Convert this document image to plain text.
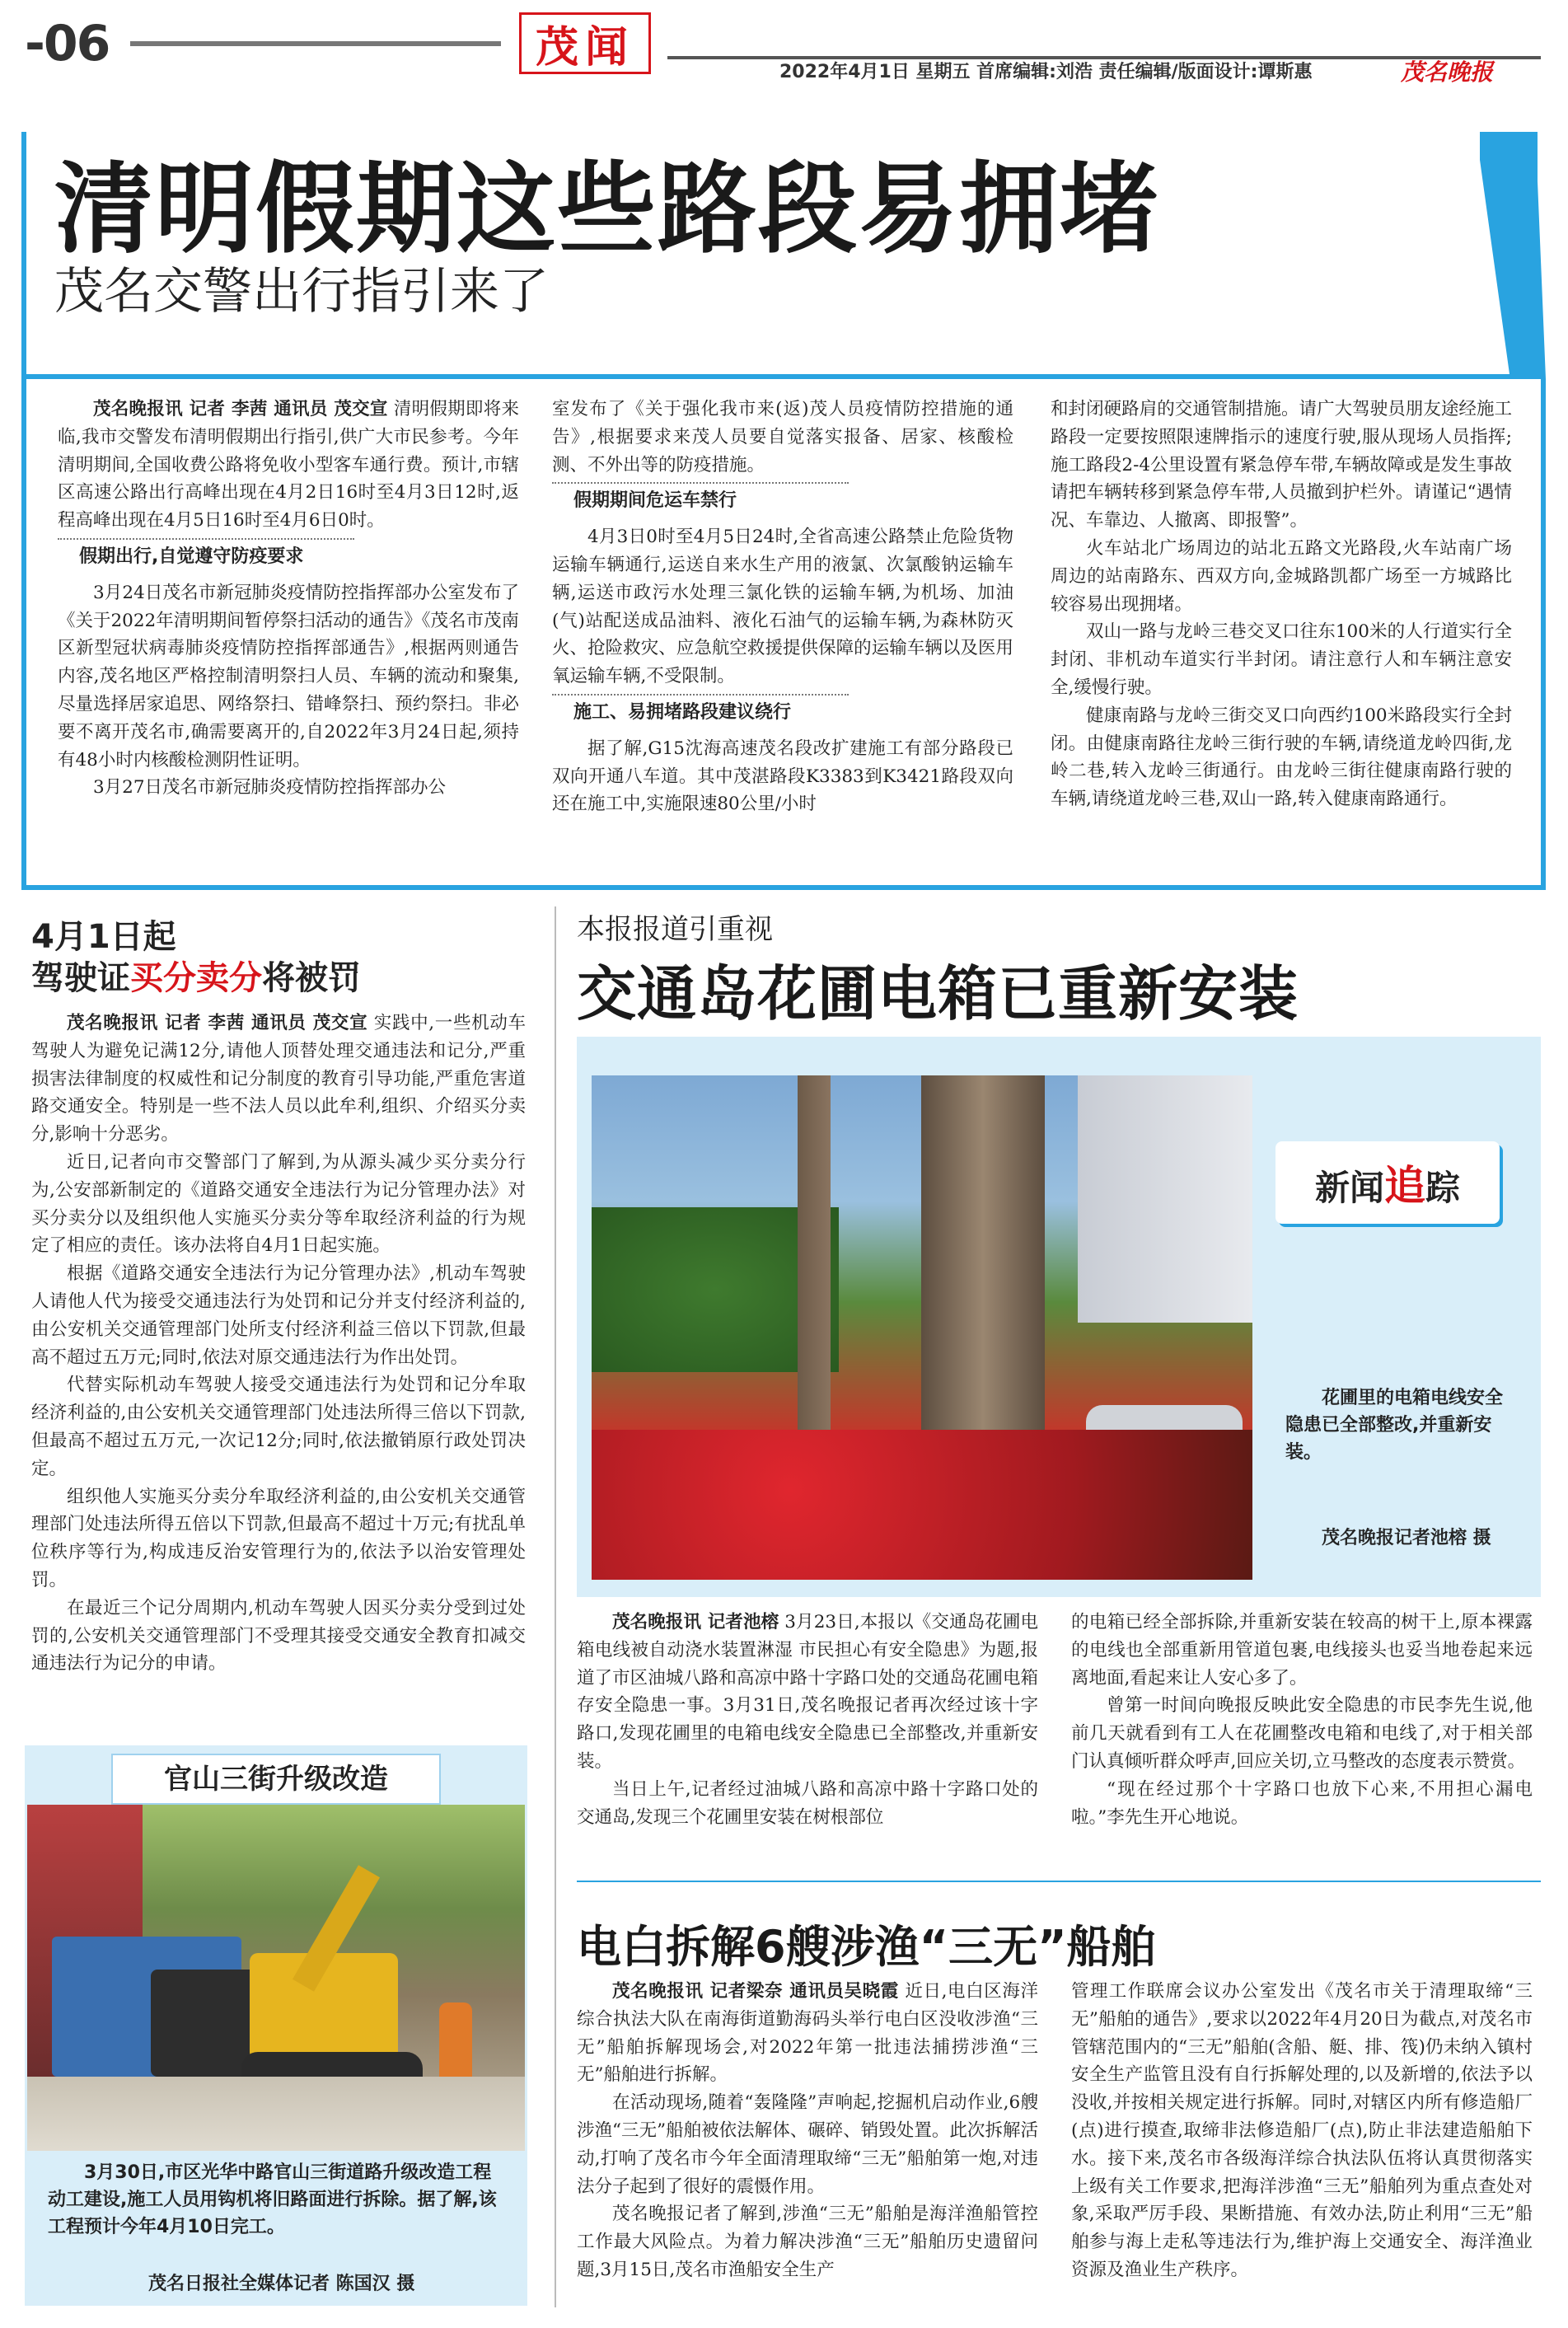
-06	茂闻	2022年4月1日 星期五 首席编辑:刘浩 责任编辑/版面设计:谭斯惠	茂名晚报
清明假期这些路段易拥堵
茂名交警出行指引来了

茂名晚报讯 记者 李茜 通讯员 茂交宣 清明假期即将来临,我市交警发布清明假期出行指引,供广大市民参考。今年清明期间,全国收费公路将免收小型客车通行费。预计,市辖区高速公路出行高峰出现在4月2日16时至4月3日12时,返程高峰出现在4月5日16时至4月6日0时。

假期出行,自觉遵守防疫要求

3月24日茂名市新冠肺炎疫情防控指挥部办公室发布了《关于2022年清明期间暂停祭扫活动的通告》《茂名市茂南区新型冠状病毒肺炎疫情防控指挥部通告》,根据两则通告内容,茂名地区严格控制清明祭扫人员、车辆的流动和聚集,尽量选择居家追思、网络祭扫、错峰祭扫、预约祭扫。非必要不离开茂名市,确需要离开的,自2022年3月24日起,须持有48小时内核酸检测阴性证明。

3月27日茂名市新冠肺炎疫情防控指挥部办公

室发布了《关于强化我市来(返)茂人员疫情防控措施的通告》,根据要求来茂人员要自觉落实报备、居家、核酸检测、不外出等的防疫措施。

假期期间危运车禁行

4月3日0时至4月5日24时,全省高速公路禁止危险货物运输车辆通行,运送自来水生产用的液氯、次氯酸钠运输车辆,运送市政污水处理三氯化铁的运输车辆,为机场、加油(气)站配送成品油料、液化石油气的运输车辆,为森林防灭火、抢险救灾、应急航空救援提供保障的运输车辆以及医用氧运输车辆,不受限制。

施工、易拥堵路段建议绕行

据了解,G15沈海高速茂名段改扩建施工有部分路段已双向开通八车道。其中茂湛路段K3383到K3421路段双向还在施工中,实施限速80公里/小时

和封闭硬路肩的交通管制措施。请广大驾驶员朋友途经施工路段一定要按照限速牌指示的速度行驶,服从现场人员指挥;施工路段2-4公里设置有紧急停车带,车辆故障或是发生事故请把车辆转移到紧急停车带,人员撤到护栏外。请谨记“遇情况、车靠边、人撤离、即报警”。

火车站北广场周边的站北五路文光路段,火车站南广场周边的站南路东、西双方向,金城路凯都广场至一方城路比较容易出现拥堵。

双山一路与龙岭三巷交叉口往东100米的人行道实行全封闭、非机动车道实行半封闭。请注意行人和车辆注意安全,缓慢行驶。

健康南路与龙岭三街交叉口向西约100米路段实行全封闭。由健康南路往龙岭三街行驶的车辆,请绕道龙岭四街,龙岭二巷,转入龙岭三街通行。由龙岭三街往健康南路行驶的车辆,请绕道龙岭三巷,双山一路,转入健康南路通行。

4月1日起
驾驶证买分卖分将被罚

茂名晚报讯 记者 李茜 通讯员 茂交宣 实践中,一些机动车驾驶人为避免记满12分,请他人顶替处理交通违法和记分,严重损害法律制度的权威性和记分制度的教育引导功能,严重危害道路交通安全。特别是一些不法人员以此牟利,组织、介绍买分卖分,影响十分恶劣。

近日,记者向市交警部门了解到,为从源头减少买分卖分行为,公安部新制定的《道路交通安全违法行为记分管理办法》对买分卖分以及组织他人实施买分卖分等牟取经济利益的行为规定了相应的责任。该办法将自4月1日起实施。

根据《道路交通安全违法行为记分管理办法》,机动车驾驶人请他人代为接受交通违法行为处罚和记分并支付经济利益的,由公安机关交通管理部门处所支付经济利益三倍以下罚款,但最高不超过五万元;同时,依法对原交通违法行为作出处罚。

代替实际机动车驾驶人接受交通违法行为处罚和记分牟取经济利益的,由公安机关交通管理部门处违法所得三倍以下罚款,但最高不超过五万元,一次记12分;同时,依法撤销原行政处罚决定。

组织他人实施买分卖分牟取经济利益的,由公安机关交通管理部门处违法所得五倍以下罚款,但最高不超过十万元;有扰乱单位秩序等行为,构成违反治安管理行为的,依法予以治安管理处罚。

在最近三个记分周期内,机动车驾驶人因买分卖分受到过处罚的,公安机关交通管理部门不受理其接受交通安全教育扣减交通违法行为记分的申请。

官山三街升级改造
3月30日,市区光华中路官山三街道路升级改造工程动工建设,施工人员用钩机将旧路面进行拆除。据了解,该工程预计今年4月10日完工。
茂名日报社全媒体记者 陈国汉 摄
本报报道引重视
交通岛花圃电箱已重新安装
新闻追踪
花圃里的电箱电线安全隐患已全部整改,并重新安装。
茂名晚报记者池榕 摄

茂名晚报讯 记者池榕 3月23日,本报以《交通岛花圃电箱电线被自动浇水装置淋湿 市民担心有安全隐患》为题,报道了市区油城八路和高凉中路十字路口处的交通岛花圃电箱存安全隐患一事。3月31日,茂名晚报记者再次经过该十字路口,发现花圃里的电箱电线安全隐患已全部整改,并重新安装。

当日上午,记者经过油城八路和高凉中路十字路口处的交通岛,发现三个花圃里安装在树根部位

的电箱已经全部拆除,并重新安装在较高的树干上,原本裸露的电线也全部重新用管道包裹,电线接头也妥当地卷起来远离地面,看起来让人安心多了。

曾第一时间向晚报反映此安全隐患的市民李先生说,他前几天就看到有工人在花圃整改电箱和电线了,对于相关部门认真倾听群众呼声,回应关切,立马整改的态度表示赞赏。

“现在经过那个十字路口也放下心来,不用担心漏电啦。”李先生开心地说。

电白拆解6艘涉渔“三无”船舶

茂名晚报讯 记者梁奈 通讯员吴晓霞 近日,电白区海洋综合执法大队在南海街道勤海码头举行电白区没收涉渔“三无”船舶拆解现场会,对2022年第一批违法捕捞涉渔“三无”船舶进行拆解。

在活动现场,随着“轰隆隆”声响起,挖掘机启动作业,6艘涉渔“三无”船舶被依法解体、碾碎、销毁处置。此次拆解活动,打响了茂名市今年全面清理取缔“三无”船舶第一炮,对违法分子起到了很好的震慑作用。

茂名晚报记者了解到,涉渔“三无”船舶是海洋渔船管控工作最大风险点。为着力解决涉渔“三无”船舶历史遗留问题,3月15日,茂名市渔船安全生产

管理工作联席会议办公室发出《茂名市关于清理取缔“三无”船舶的通告》,要求以2022年4月20日为截点,对茂名市管辖范围内的“三无”船舶(含船、艇、排、筏)仍未纳入镇村安全生产监管且没有自行拆解处理的,以及新增的,依法予以没收,并按相关规定进行拆解。同时,对辖区内所有修造船厂(点)进行摸查,取缔非法修造船厂(点),防止非法建造船舶下水。接下来,茂名市各级海洋综合执法队伍将认真贯彻落实上级有关工作要求,把海洋涉渔“三无”船舶列为重点查处对象,采取严厉手段、果断措施、有效办法,防止利用“三无”船舶参与海上走私等违法行为,维护海上交通安全、海洋渔业资源及渔业生产秩序。
